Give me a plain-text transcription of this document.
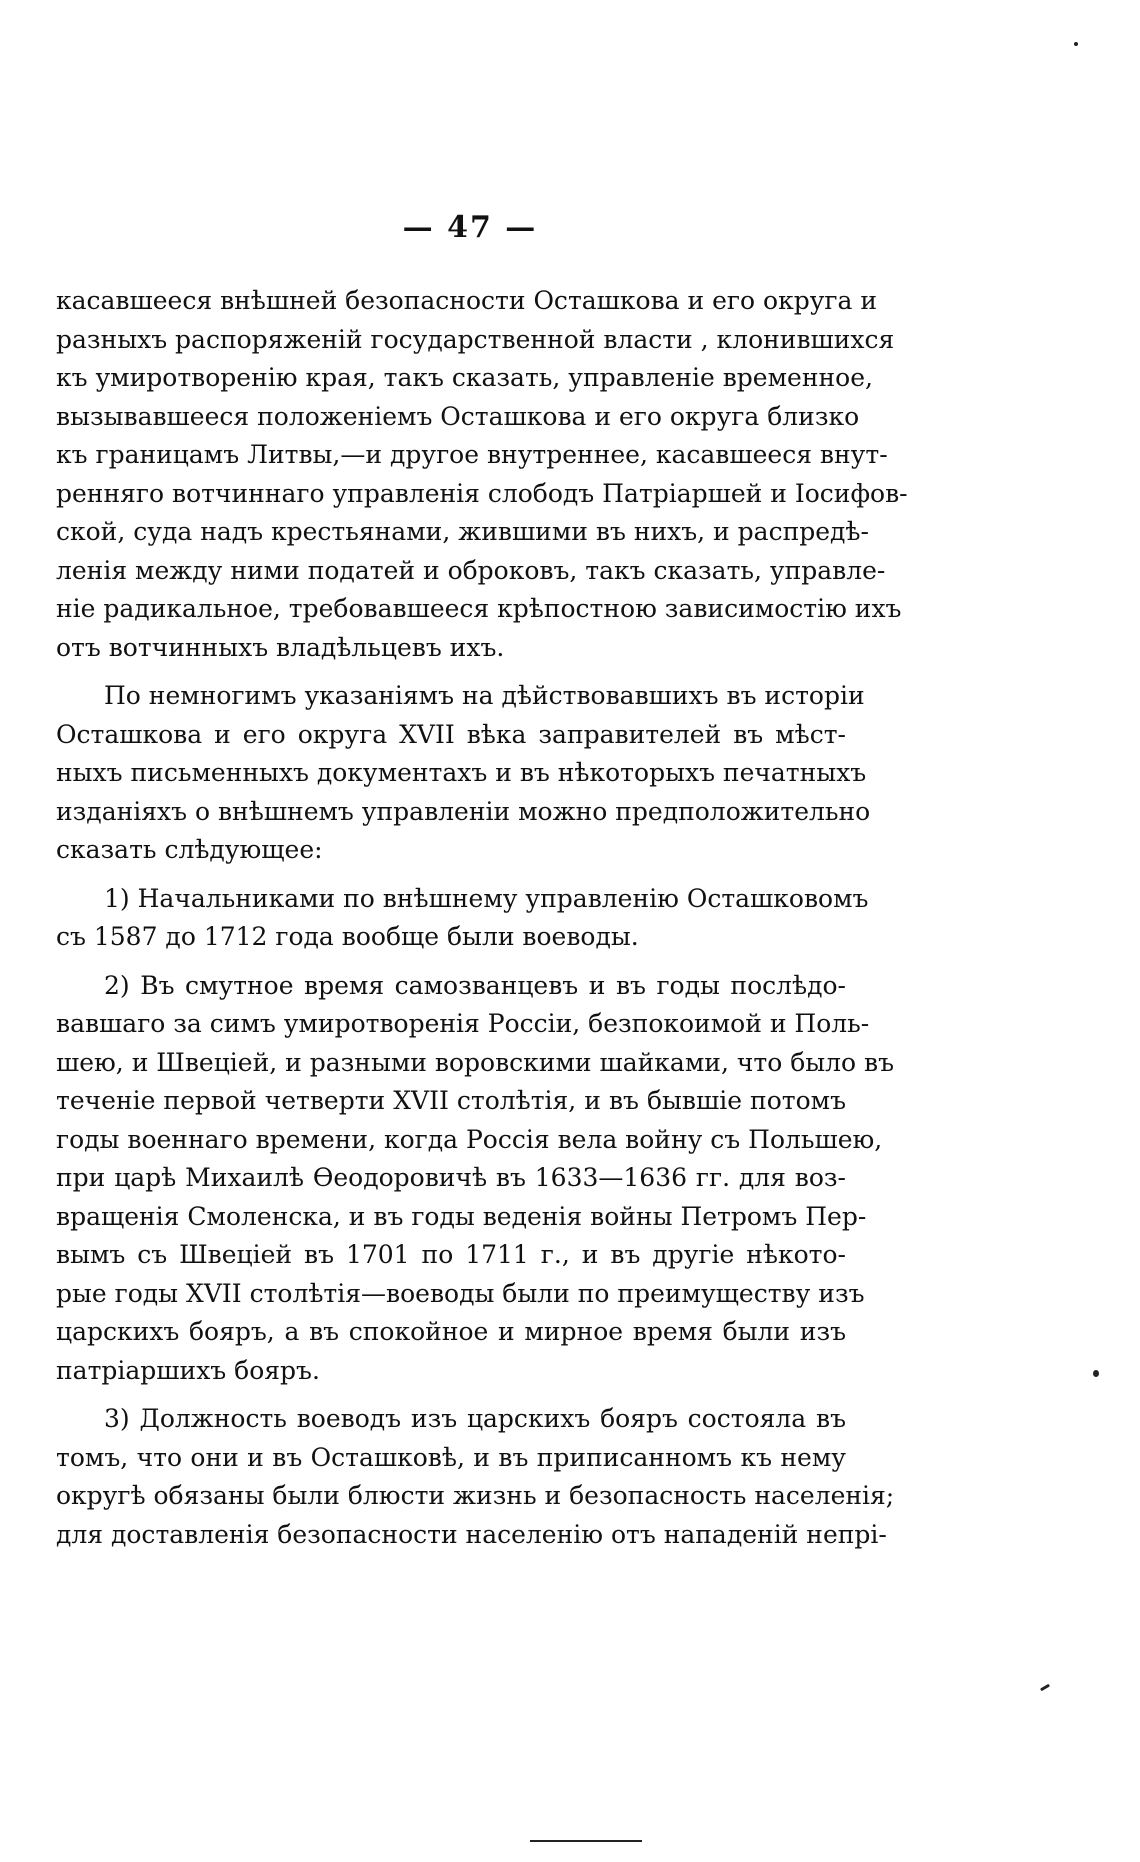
— 47 —
касавшееся внѣшней безопасности Осташкова и его округа и
разныхъ распоряженій государственной власти , клонившихся
къ умиротворенію края, такъ сказать, управленіе временное,
вызывавшееся положеніемъ Осташкова и его округа близко
къ границамъ Литвы,—и другое внутреннее, касавшееся внут-
ренняго вотчиннаго управленія слободъ Патріаршей и Іосифов-
ской, суда надъ крестьянами, жившими въ нихъ, и распредѣ-
ленія между ними податей и оброковъ, такъ сказать, управле-
ніе радикальное, требовавшееся крѣпостною зависимостію ихъ
отъ вотчинныхъ владѣльцевъ ихъ.
По немногимъ указаніямъ на дѣйствовавшихъ въ исторіи
Осташкова и его округа XVII вѣка заправителей въ мѣст-
ныхъ письменныхъ документахъ и въ нѣкоторыхъ печатныхъ
изданіяхъ о внѣшнемъ управленіи можно предположительно
сказать слѣдующее:
1) Начальниками по внѣшнему управленію Осташковомъ
съ 1587 до 1712 года вообще были воеводы.
2) Въ смутное время самозванцевъ и въ годы послѣдо-
вавшаго за симъ умиротворенія Россіи, безпокоимой и Поль-
шею, и Швеціей, и разными воровскими шайками, что было въ
теченіе первой четверти XVII столѣтія, и въ бывшіе потомъ
годы военнаго времени, когда Россія вела войну съ Польшею,
при царѣ Михаилѣ Ѳеодоровичѣ въ 1633—1636 гг. для воз-
вращенія Смоленска, и въ годы веденія войны Петромъ Пер-
вымъ съ Швеціей въ 1701 по 1711 г., и въ другіе нѣкото-
рые годы XVII столѣтія—воеводы были по преимуществу изъ
царскихъ бояръ, а въ спокойное и мирное время были изъ
патріаршихъ бояръ.
3) Должность воеводъ изъ царскихъ бояръ состояла въ
томъ, что они и въ Осташковѣ, и въ приписанномъ къ нему
округѣ обязаны были блюсти жизнь и безопасность населенія;
для доставленія безопасности населенію отъ нападеній непрі-
